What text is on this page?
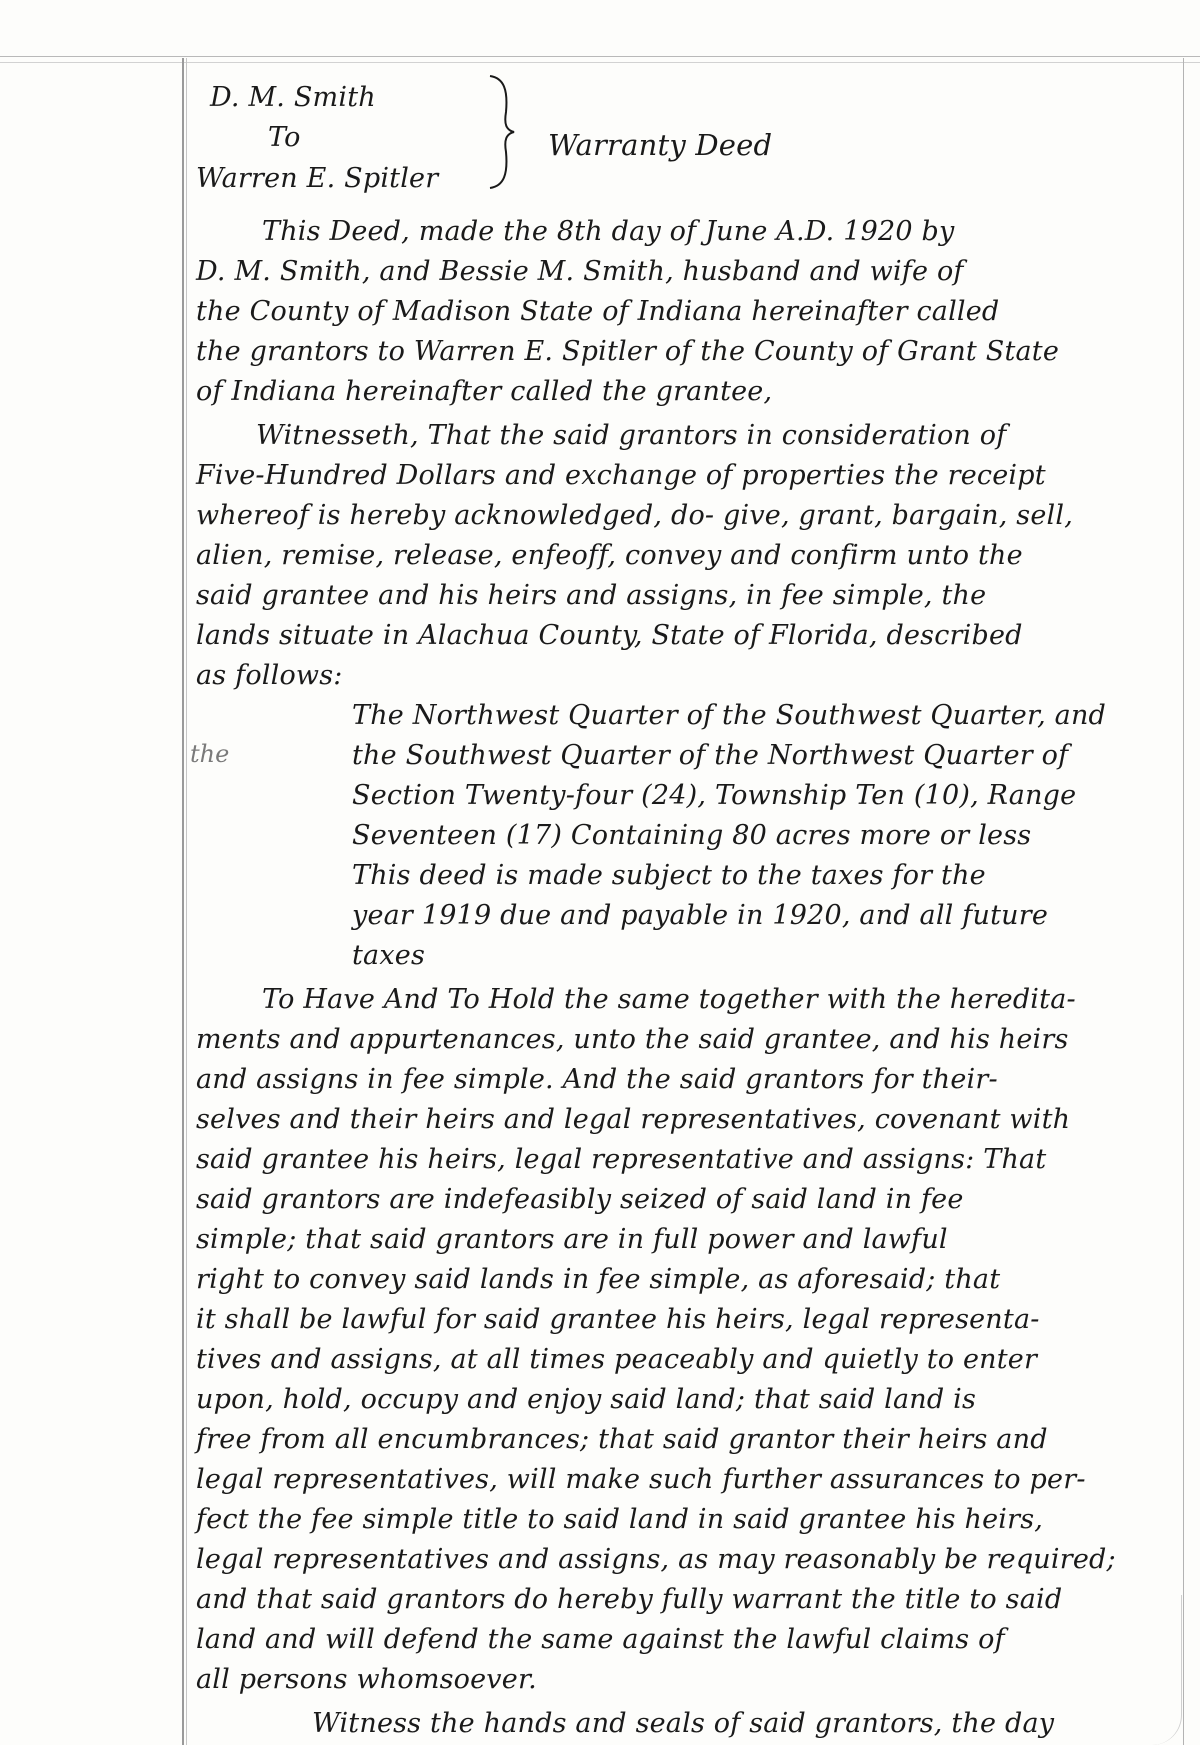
D. M. Smith
To
Warren E. Spitler
Warranty Deed
the
This Deed, made the 8th day of June A.D. 1920 by
D. M. Smith, and Bessie M. Smith, husband and wife of
the County of Madison State of Indiana hereinafter called
the grantors to Warren E. Spitler of the County of Grant State
of Indiana hereinafter called the grantee,
Witnesseth, That the said grantors in consideration of
Five-Hundred Dollars and exchange of properties the receipt
whereof is hereby acknowledged, do- give, grant, bargain, sell,
alien, remise, release, enfeoff, convey and confirm unto the
said grantee and his heirs and assigns, in fee simple, the
lands situate in Alachua County, State of Florida, described
as follows:
The Northwest Quarter of the Southwest Quarter, and
the Southwest Quarter of the Northwest Quarter of
Section Twenty-four (24), Township Ten (10), Range
Seventeen (17) Containing 80 acres more or less
This deed is made subject to the taxes for the
year 1919 due and payable in 1920, and all future
taxes
To Have And To Hold the same together with the heredita-
ments and appurtenances, unto the said grantee, and his heirs
and assigns in fee simple. And the said grantors for their-
selves and their heirs and legal representatives, covenant with
said grantee his heirs, legal representative and assigns: That
said grantors are indefeasibly seized of said land in fee
simple; that said grantors are in full power and lawful
right to convey said lands in fee simple, as aforesaid; that
it shall be lawful for said grantee his heirs, legal representa-
tives and assigns, at all times peaceably and quietly to enter
upon, hold, occupy and enjoy said land; that said land is
free from all encumbrances; that said grantor their heirs and
legal representatives, will make such further assurances to per-
fect the fee simple title to said land in said grantee his heirs,
legal representatives and assigns, as may reasonably be required;
and that said grantors do hereby fully warrant the title to said
land and will defend the same against the lawful claims of
all persons whomsoever.
Witness the hands and seals of said grantors, the day
